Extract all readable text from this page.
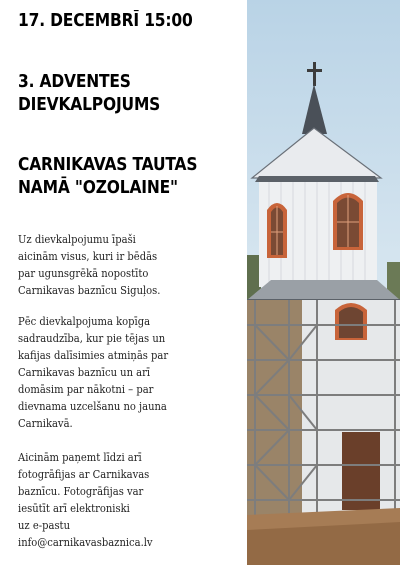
17. DECEMBRĪ 15:00
3. ADVENTES
DIEVKALPOJUMS
CARNIKAVAS TAUTAS
NAMĀ "OZOLAINE"

Uz dievkalpojumu īpaši
aicinām visus, kuri ir bēdās
par ugunsgrēkā nopostīto
Carnikavas baznīcu Siguļos.

Pēc dievkalpojuma kopīga
sadraudzība, kur pie tējas un
kafijas dalīsimies atmiņās par
Carnikavas baznīcu un arī
domāsim par nākotni – par
dievnama uzcelšanu no jauna
Carnikavā.

Aicinām paņemt līdzi arī
fotogrāfijas ar Carnikavas
baznīcu. Fotogrāfijas var
iesūtīt arī elektroniski
uz e-pastu
info@carnikavasbaznica.lv
